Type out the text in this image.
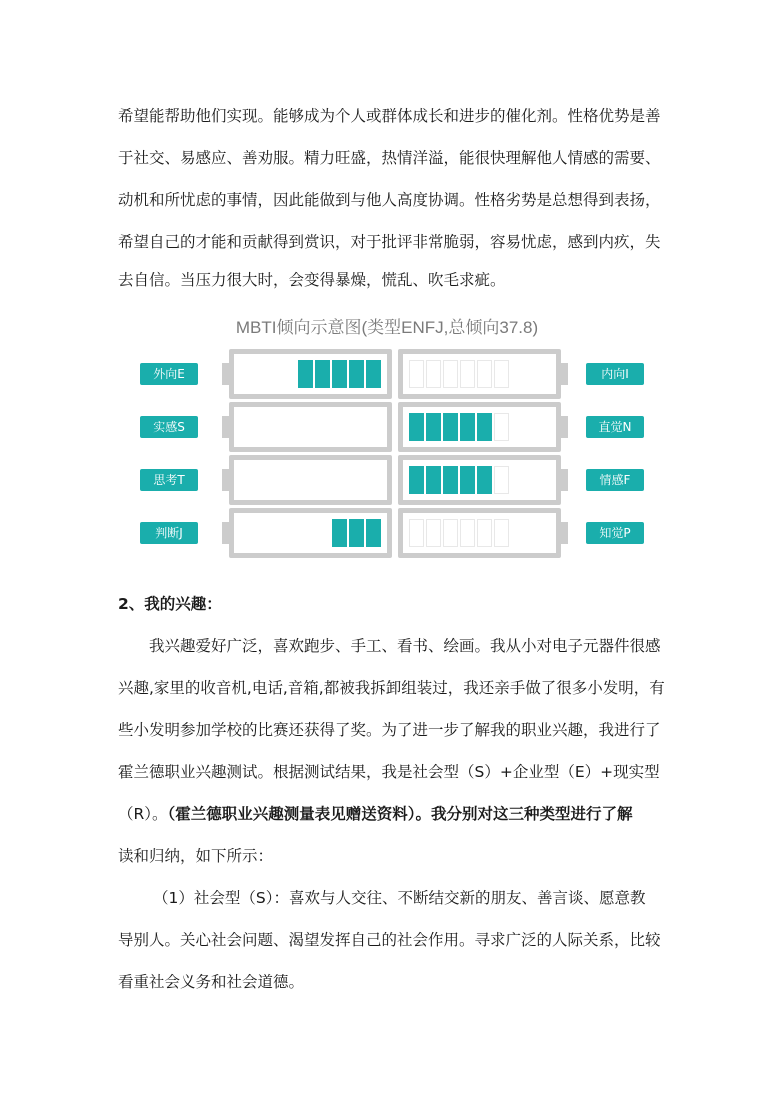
希望能帮助他们实现。能够成为个人或群体成长和进步的催化剂。性格优势是善
于社交、易感应、善劝服。精力旺盛，热情洋溢，能很快理解他人情感的需要、
动机和所忧虑的事情，因此能做到与他人高度协调。性格劣势是总想得到表扬，
希望自己的才能和贡献得到赏识，对于批评非常脆弱，容易忧虑，感到内疚，失
去自信。当压力很大时，会变得暴燥，慌乱、吹毛求疵。
MBTI倾向示意图(类型ENFJ,总倾向37.8)
外向E	内向I
实感S	直觉N
思考T	情感F
判断J	知觉P
2、我的兴趣：
我兴趣爱好广泛，喜欢跑步、手工、看书、绘画。我从小对电子元器件很感
兴趣,家里的收音机,电话,音箱,都被我拆卸组装过，我还亲手做了很多小发明，有
些小发明参加学校的比赛还获得了奖。为了进一步了解我的职业兴趣，我进行了
霍兰德职业兴趣测试。根据测试结果，我是社会型（S）+企业型（E）+现实型
（R）。（霍兰德职业兴趣测量表见赠送资料）。我分别对这三种类型进行了解
读和归纳，如下所示：
（1）社会型（S）：喜欢与人交往、不断结交新的朋友、善言谈、愿意教
导别人。关心社会问题、渴望发挥自己的社会作用。寻求广泛的人际关系，比较
看重社会义务和社会道德。
